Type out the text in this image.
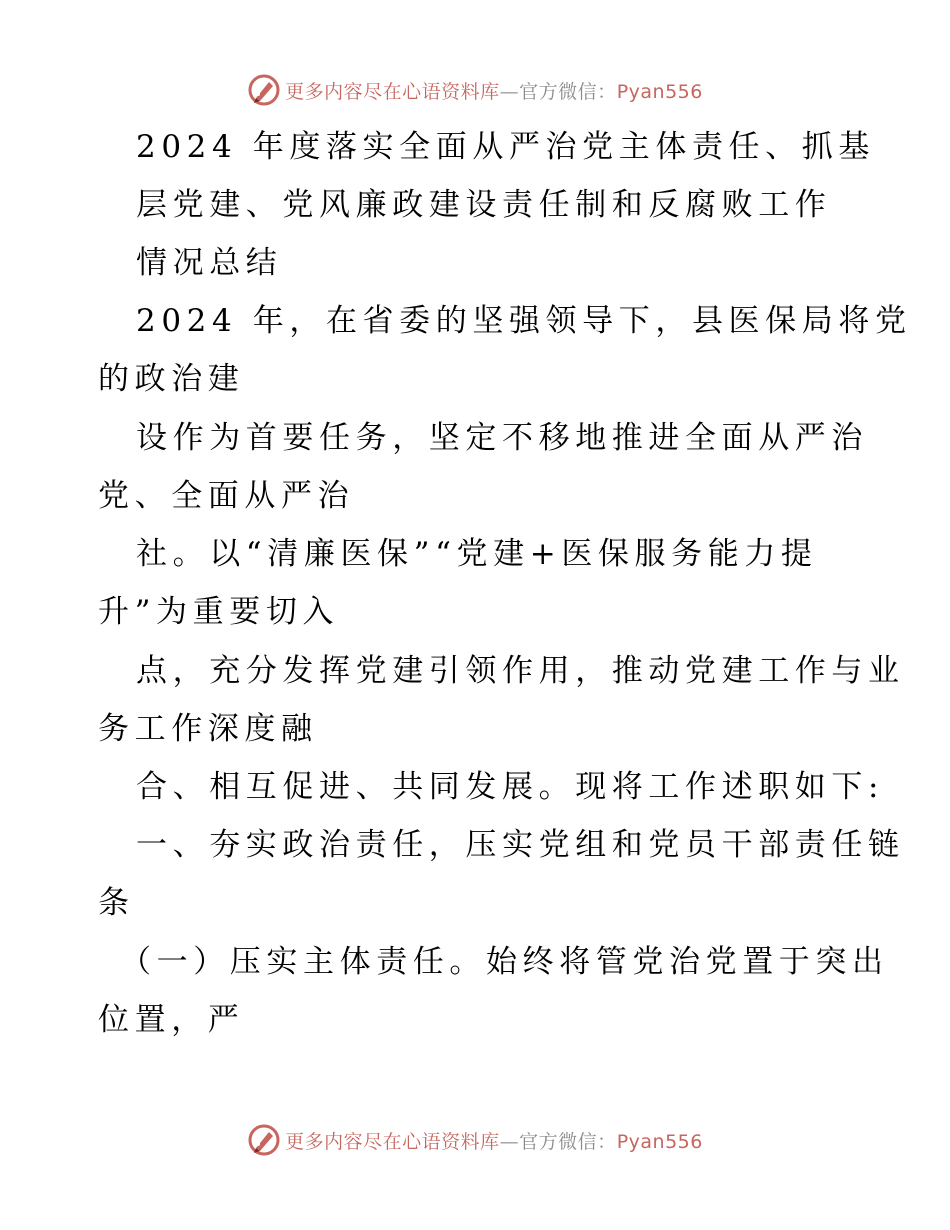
更多内容尽在心语资料库—官方微信：Pyan556
2024 年度落实全面从严治党主体责任、抓基
层党建、党风廉政建设责任制和反腐败工作
情况总结
2024 年，在省委的坚强领导下，县医保局将党
的政治建
设作为首要任务，坚定不移地推进全面从严治
党、全面从严治
社。以“清廉医保”“党建+医保服务能力提
升”为重要切入
点，充分发挥党建引领作用，推动党建工作与业
务工作深度融
合、相互促进、共同发展。现将工作述职如下:
一、夯实政治责任，压实党组和党员干部责任链
条
（一）压实主体责任。始终将管党治党置于突出
位置，严
更多内容尽在心语资料库—官方微信：Pyan556
